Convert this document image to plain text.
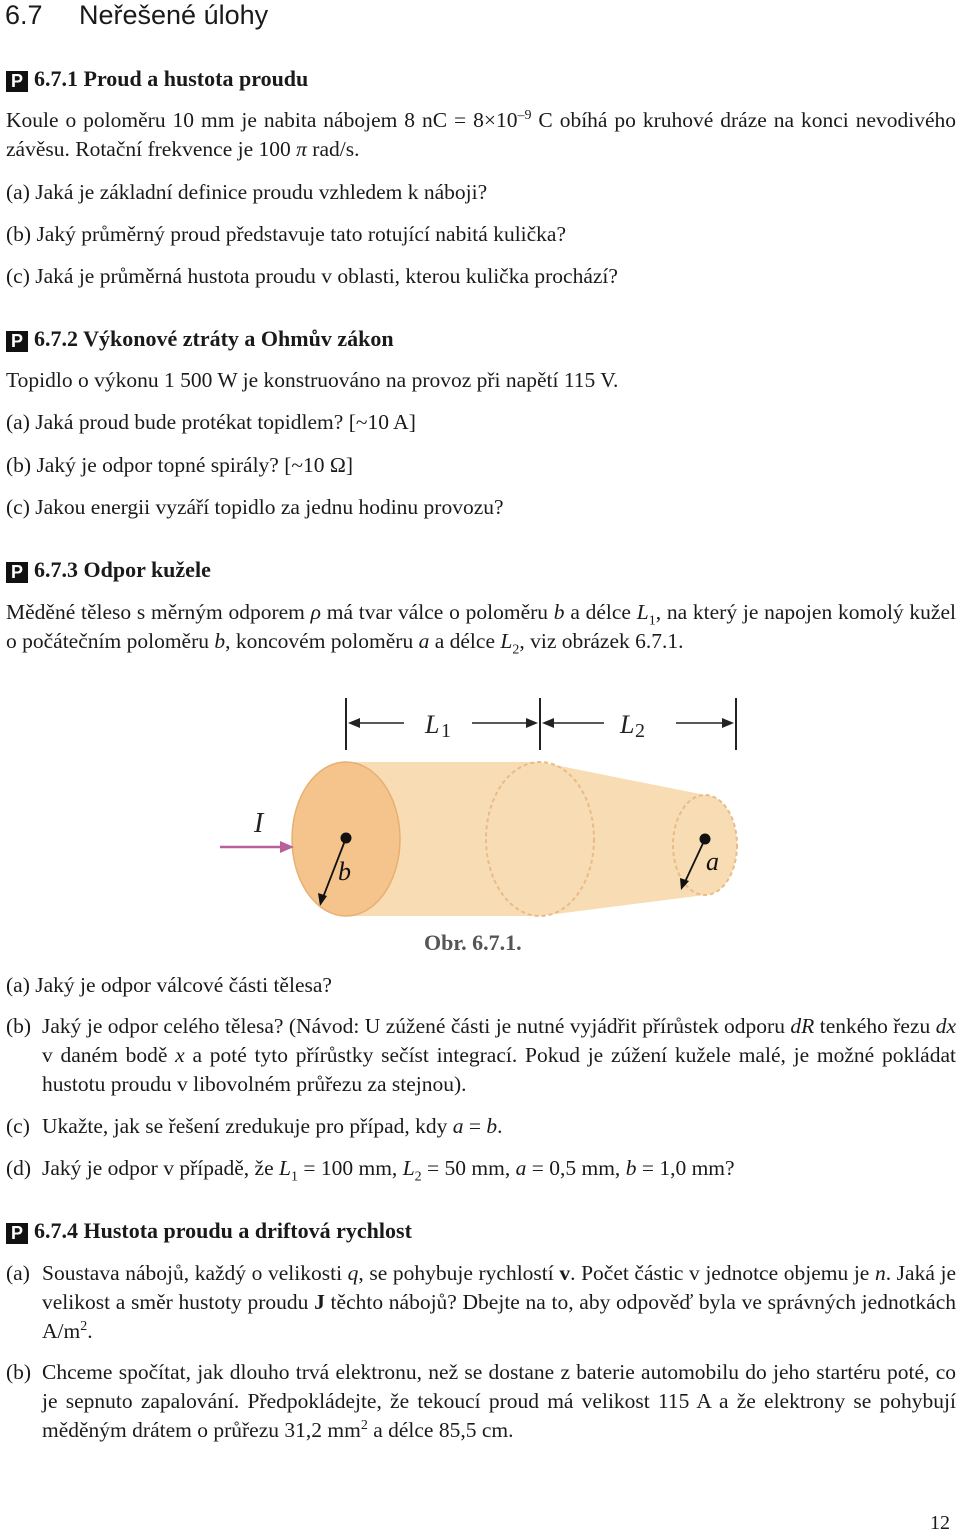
6.7 Neřešené úlohy
P 6.7.1 Proud a hustota proudu
Koule o poloměru 10 mm je nabita nábojem 8 nC = $8\times 10^{-9}$ C obíhá po kruhové dráze na konci nevodivého závěsu. Rotační frekvence je 100 π rad/s.
(a) Jaká je základní definice proudu vzhledem k náboji?
(b) Jaký průměrný proud představuje tato rotující nabitá kulička?
(c) Jaká je průměrná hustota proudu v oblasti, kterou kulička prochází?
P 6.7.2 Výkonové ztráty a Ohmův zákon
Topidlo o výkonu 1 500 W je konstruováno na provoz při napětí 115 V.
(a) Jaká proud bude protékat topidlem? [~10 A]
(b) Jaký je odpor topné spirály? [~10 Ω]
(c) Jakou energii vyzáří topidlo za jednu hodinu provozu?
P 6.7.3 Odpor kužele
Měděné těleso s měrným odporem ρ má tvar válce o poloměru b a délce $L_1$, na který je napojen komolý kužel o počátečním poloměru b, koncovém poloměru a a délce $L_2$, viz obrázek 6.7.1.
L 1	L 2
b	a
I
Obr. 6.7.1.
(a) Jaký je odpor válcové části tělesa?
(b) Jaký je odpor celého tělesa? (Návod: U zúžené části je nutné vyjádřit přírůstek odporu dR tenkého řezu dx v daném bodě x a poté tyto přírůstky sečíst integrací. Pokud je zúžení kužele malé, je možné pokládat hustotu proudu v libovolném průřezu za stejnou).
(c) Ukažte, jak se řešení zredukuje pro případ, kdy a = b.
(d) Jaký je odpor v případě, že $L_1 = 100$ mm, $L_2 = 50$ mm, a = 0,5 mm, b = 1,0 mm?
P 6.7.4 Hustota proudu a driftová rychlost
(a) Soustava nábojů, každý o velikosti q, se pohybuje rychlostí v. Počet částic v jednotce objemu je n. Jaká je velikost a směr hustoty proudu J těchto nábojů? Dbejte na to, aby odpověď byla ve správných jednotkách $A/m^2$.
(b) Chceme spočítat, jak dlouho trvá elektronu, než se dostane z baterie automobilu do jeho startéru poté, co je sepnuto zapalování. Předpokládejte, že tekoucí proud má velikost 115 A a že elektrony se pohybují měděným drátem o průřezu 31,2 $mm^2$ a délce 85,5 cm.
12
